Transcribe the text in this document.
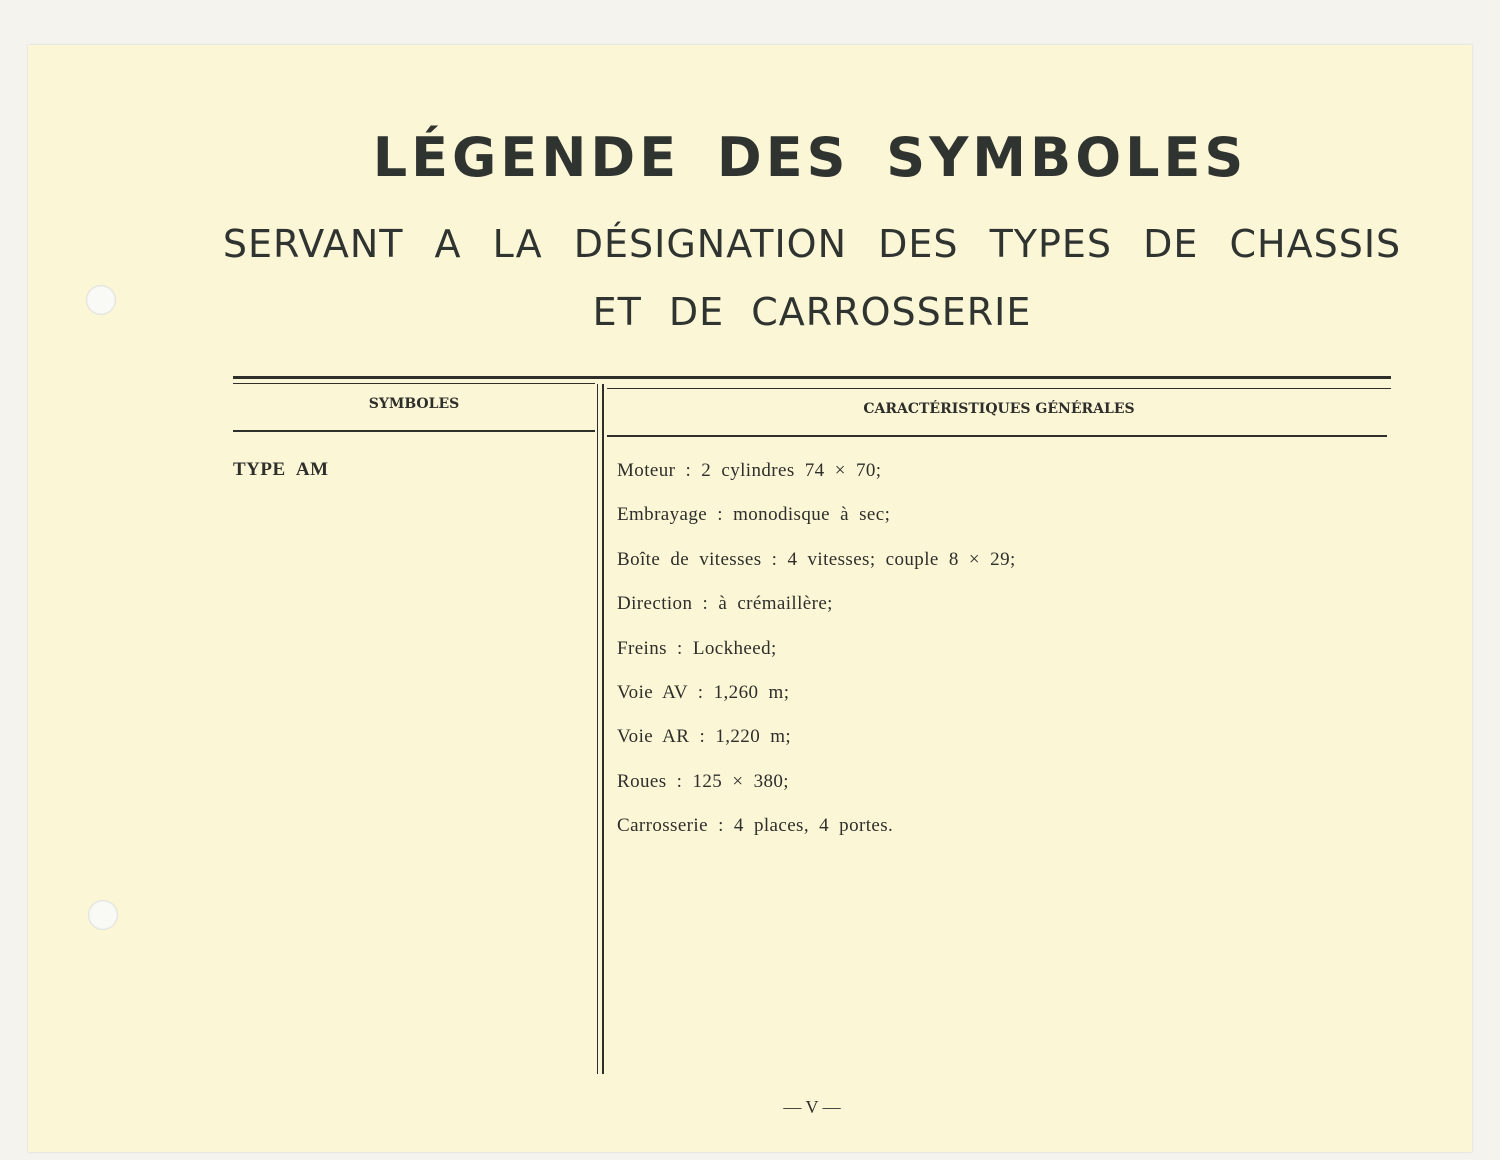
LÉGENDE DES SYMBOLES
SERVANT A LA DÉSIGNATION DES TYPES DE CHASSIS
ET DE CARROSSERIE
SYMBOLES	CARACTÉRISTIQUES GÉNÉRALES
TYPE AM	Moteur : 2 cylindres 74 × 70;
Embrayage : monodisque à sec;
Boîte de vitesses : 4 vitesses; couple 8 × 29;
Direction : à crémaillère;
Freins : Lockheed;
Voie AV : 1,260 m;
Voie AR : 1,220 m;
Roues : 125 × 380;
Carrosserie : 4 places, 4 portes.
— V —
